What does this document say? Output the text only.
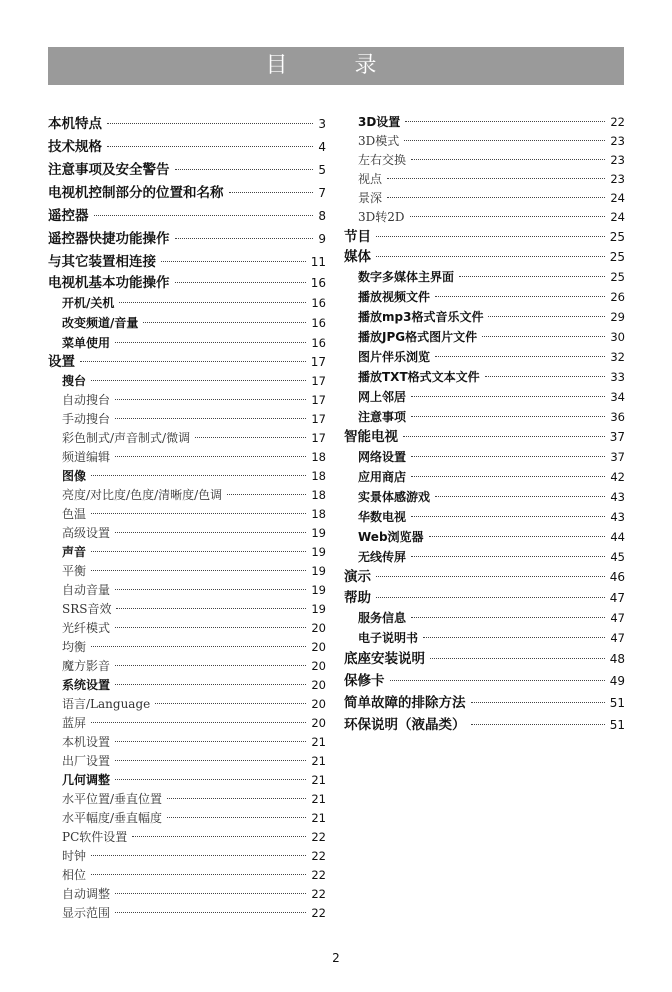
目 录
本机特点	3
技术规格	4
注意事项及安全警告	5
电视机控制部分的位置和名称	7
遥控器	8
遥控器快捷功能操作	9
与其它装置相连接	11
电视机基本功能操作	16
开机/关机	16
改变频道/音量	16
菜单使用	16
设置	17
搜台	17
自动搜台	17
手动搜台	17
彩色制式/声音制式/微调	17
频道编辑	18
图像	18
亮度/对比度/色度/清晰度/色调	18
色温	18
高级设置	19
声音	19
平衡	19
自动音量	19
SRS音效	19
光纤模式	20
均衡	20
魔方影音	20
系统设置	20
语言/Language	20
蓝屏	20
本机设置	21
出厂设置	21
几何调整	21
水平位置/垂直位置	21
水平幅度/垂直幅度	21
PC软件设置	22
时钟	22
相位	22
自动调整	22
显示范围	22
3D设置	22
3D模式	23
左右交换	23
视点	23
景深	24
3D转2D	24
节目	25
媒体	25
数字多媒体主界面	25
播放视频文件	26
播放mp3格式音乐文件	29
播放JPG格式图片文件	30
图片伴乐浏览	32
播放TXT格式文本文件	33
网上邻居	34
注意事项	36
智能电视	37
网络设置	37
应用商店	42
实景体感游戏	43
华数电视	43
Web浏览器	44
无线传屏	45
演示	46
帮助	47
服务信息	47
电子说明书	47
底座安装说明	48
保修卡	49
简单故障的排除方法	51
环保说明（液晶类）	51
2
